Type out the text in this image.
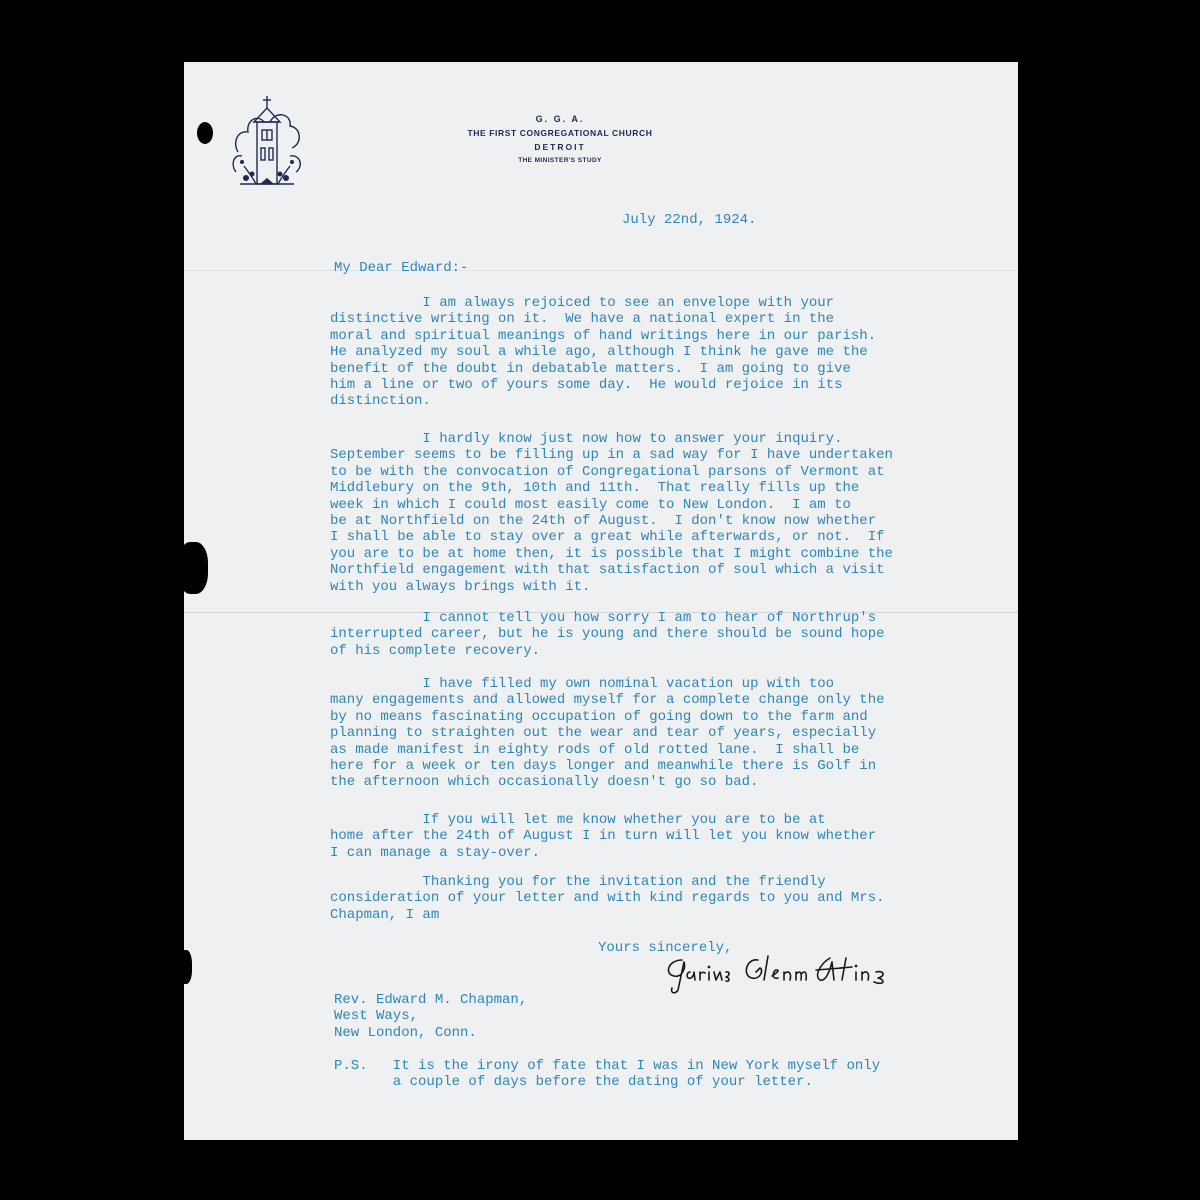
G. G. A.
THE FIRST CONGREGATIONAL CHURCH
DETROIT
THE MINISTER'S STUDY
July 22nd, 1924.
My Dear Edward:-
I am always rejoiced to see an envelope with your
distinctive writing on it.  We have a national expert in the
moral and spiritual meanings of hand writings here in our parish.
He analyzed my soul a while ago, although I think he gave me the
benefit of the doubt in debatable matters.  I am going to give
him a line or two of yours some day.  He would rejoice in its
distinction.
I hardly know just now how to answer your inquiry.
September seems to be filling up in a sad way for I have undertaken
to be with the convocation of Congregational parsons of Vermont at
Middlebury on the 9th, 10th and 11th.  That really fills up the
week in which I could most easily come to New London.  I am to
be at Northfield on the 24th of August.  I don't know now whether
I shall be able to stay over a great while afterwards, or not.  If
you are to be at home then, it is possible that I might combine the
Northfield engagement with that satisfaction of soul which a visit
with you always brings with it.
I cannot tell you how sorry I am to hear of Northrup's
interrupted career, but he is young and there should be sound hope
of his complete recovery.
I have filled my own nominal vacation up with too
many engagements and allowed myself for a complete change only the
by no means fascinating occupation of going down to the farm and
planning to straighten out the wear and tear of years, especially
as made manifest in eighty rods of old rotted lane.  I shall be
here for a week or ten days longer and meanwhile there is Golf in
the afternoon which occasionally doesn't go so bad.
If you will let me know whether you are to be at
home after the 24th of August I in turn will let you know whether
I can manage a stay-over.
Thanking you for the invitation and the friendly
consideration of your letter and with kind regards to you and Mrs.
Chapman, I am
Yours sincerely,
Rev. Edward M. Chapman,
West Ways,
New London, Conn.
P.S.   It is the irony of fate that I was in New York myself only
a couple of days before the dating of your letter.
